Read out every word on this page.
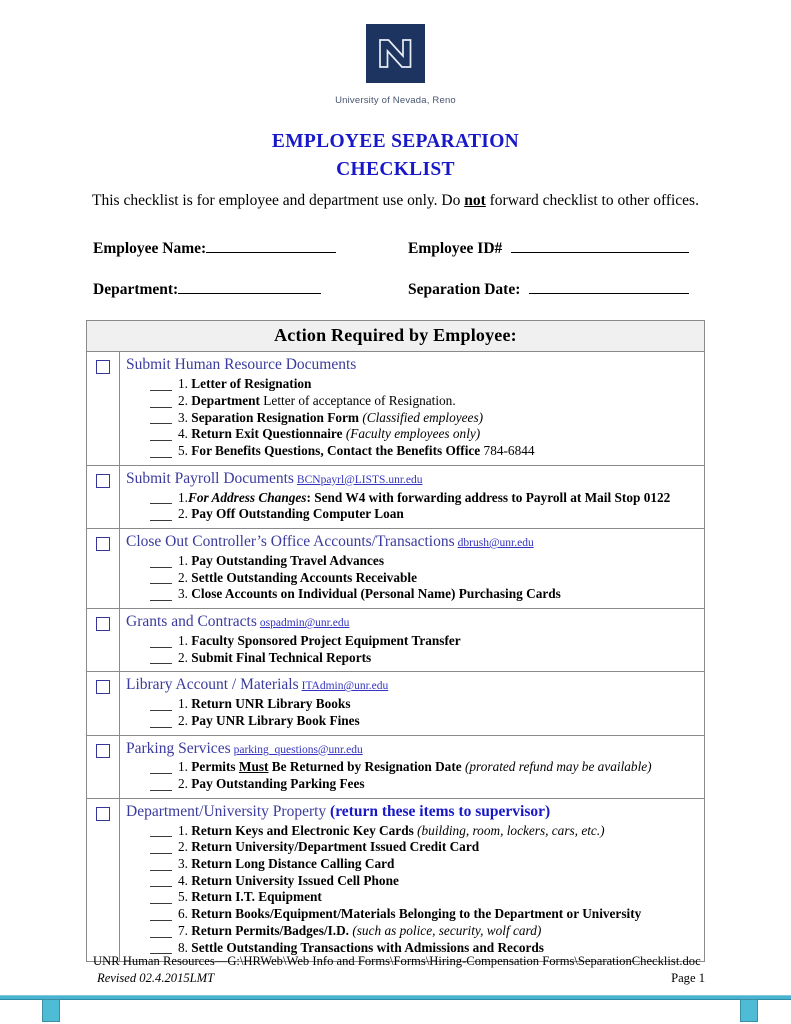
University of Nevada, Reno
EMPLOYEE SEPARATION
CHECKLIST
This checklist is for employee and department use only. Do not forward checklist to other offices.
Employee Name:	Employee ID#
Department:	Separation Date:
Action Required by Employee:
Submit Human Resource Documents
1. Letter of Resignation
2. Department Letter of acceptance of Resignation.
3. Separation Resignation Form (Classified employees)
4. Return Exit Questionnaire (Faculty employees only)
5. For Benefits Questions, Contact the Benefits Office 784-6844
Submit Payroll Documents BCNpayrl@LISTS.unr.edu
1.For Address Changes: Send W4 with forwarding address to Payroll at Mail Stop 0122
2. Pay Off Outstanding Computer Loan
Close Out Controller’s Office Accounts/Transactions dbrush@unr.edu
1. Pay Outstanding Travel Advances
2. Settle Outstanding Accounts Receivable
3. Close Accounts on Individual (Personal Name) Purchasing Cards
Grants and Contracts ospadmin@unr.edu
1. Faculty Sponsored Project Equipment Transfer
2. Submit Final Technical Reports
Library Account / Materials ITAdmin@unr.edu
1. Return UNR Library Books
2. Pay UNR Library Book Fines
Parking Services parking_questions@unr.edu
1. Permits Must Be Returned by Resignation Date (prorated refund may be available)
2. Pay Outstanding Parking Fees
Department/University Property (return these items to supervisor)
1. Return Keys and Electronic Key Cards (building, room, lockers, cars, etc.)
2. Return University/Department Issued Credit Card
3. Return Long Distance Calling Card
4. Return University Issued Cell Phone
5. Return I.T. Equipment
6. Return Books/Equipment/Materials Belonging to the Department or University
7. Return Permits/Badges/I.D. (such as police, security, wolf card)
8. Settle Outstanding Transactions with Admissions and Records
UNR Human Resources—G:\HRWeb\Web Info and Forms\Forms\Hiring-Compensation Forms\SeparationChecklist.doc
Revised 02.4.2015LMT	Page 1
